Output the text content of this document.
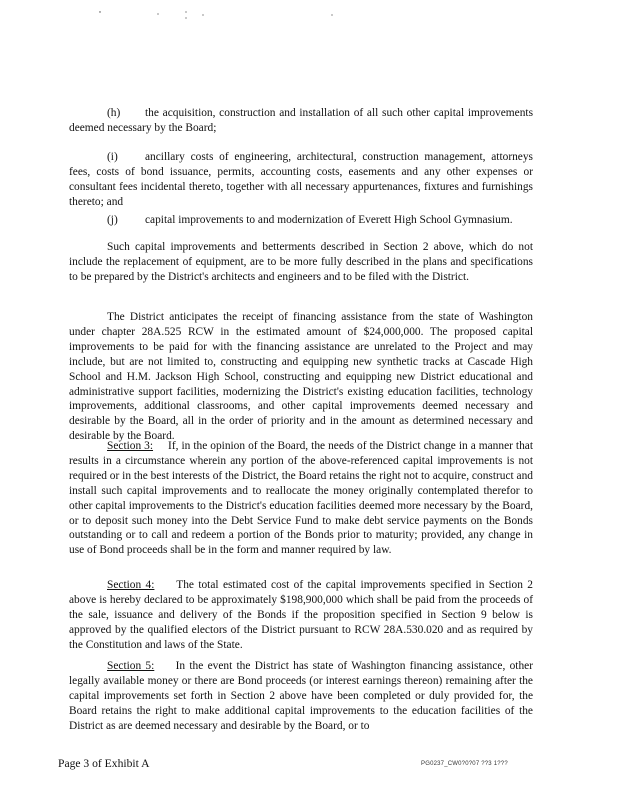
(h) the acquisition, construction and installation of all such other capital improvements deemed necessary by the Board;
(i) ancillary costs of engineering, architectural, construction management, attorneys fees, costs of bond issuance, permits, accounting costs, easements and any other expenses or consultant fees incidental thereto, together with all necessary appurtenances, fixtures and furnishings thereto; and
(j) capital improvements to and modernization of Everett High School Gymnasium.
Such capital improvements and betterments described in Section 2 above, which do not include the replacement of equipment, are to be more fully described in the plans and specifications to be prepared by the District's architects and engineers and to be filed with the District.
The District anticipates the receipt of financing assistance from the state of Washington under chapter 28A.525 RCW in the estimated amount of $24,000,000. The proposed capital improvements to be paid for with the financing assistance are unrelated to the Project and may include, but are not limited to, constructing and equipping new synthetic tracks at Cascade High School and H.M. Jackson High School, constructing and equipping new District educational and administrative support facilities, modernizing the District's existing education facilities, technology improvements, additional classrooms, and other capital improvements deemed necessary and desirable by the Board, all in the order of priority and in the amount as determined necessary and desirable by the Board.
Section 3: If, in the opinion of the Board, the needs of the District change in a manner that results in a circumstance wherein any portion of the above-referenced capital improvements is not required or in the best interests of the District, the Board retains the right not to acquire, construct and install such capital improvements and to reallocate the money originally contemplated therefor to other capital improvements to the District's education facilities deemed more necessary by the Board, or to deposit such money into the Debt Service Fund to make debt service payments on the Bonds outstanding or to call and redeem a portion of the Bonds prior to maturity; provided, any change in use of Bond proceeds shall be in the form and manner required by law.
Section 4: The total estimated cost of the capital improvements specified in Section 2 above is hereby declared to be approximately $198,900,000 which shall be paid from the proceeds of the sale, issuance and delivery of the Bonds if the proposition specified in Section 9 below is approved by the qualified electors of the District pursuant to RCW 28A.530.020 and as required by the Constitution and laws of the State.
Section 5: In the event the District has state of Washington financing assistance, other legally available money or there are Bond proceeds (or interest earnings thereon) remaining after the capital improvements set forth in Section 2 above have been completed or duly provided for, the Board retains the right to make additional capital improvements to the education facilities of the District as are deemed necessary and desirable by the Board, or to
Page 3 of Exhibit A	PG0237_CW0?0?07 ??3 1???
